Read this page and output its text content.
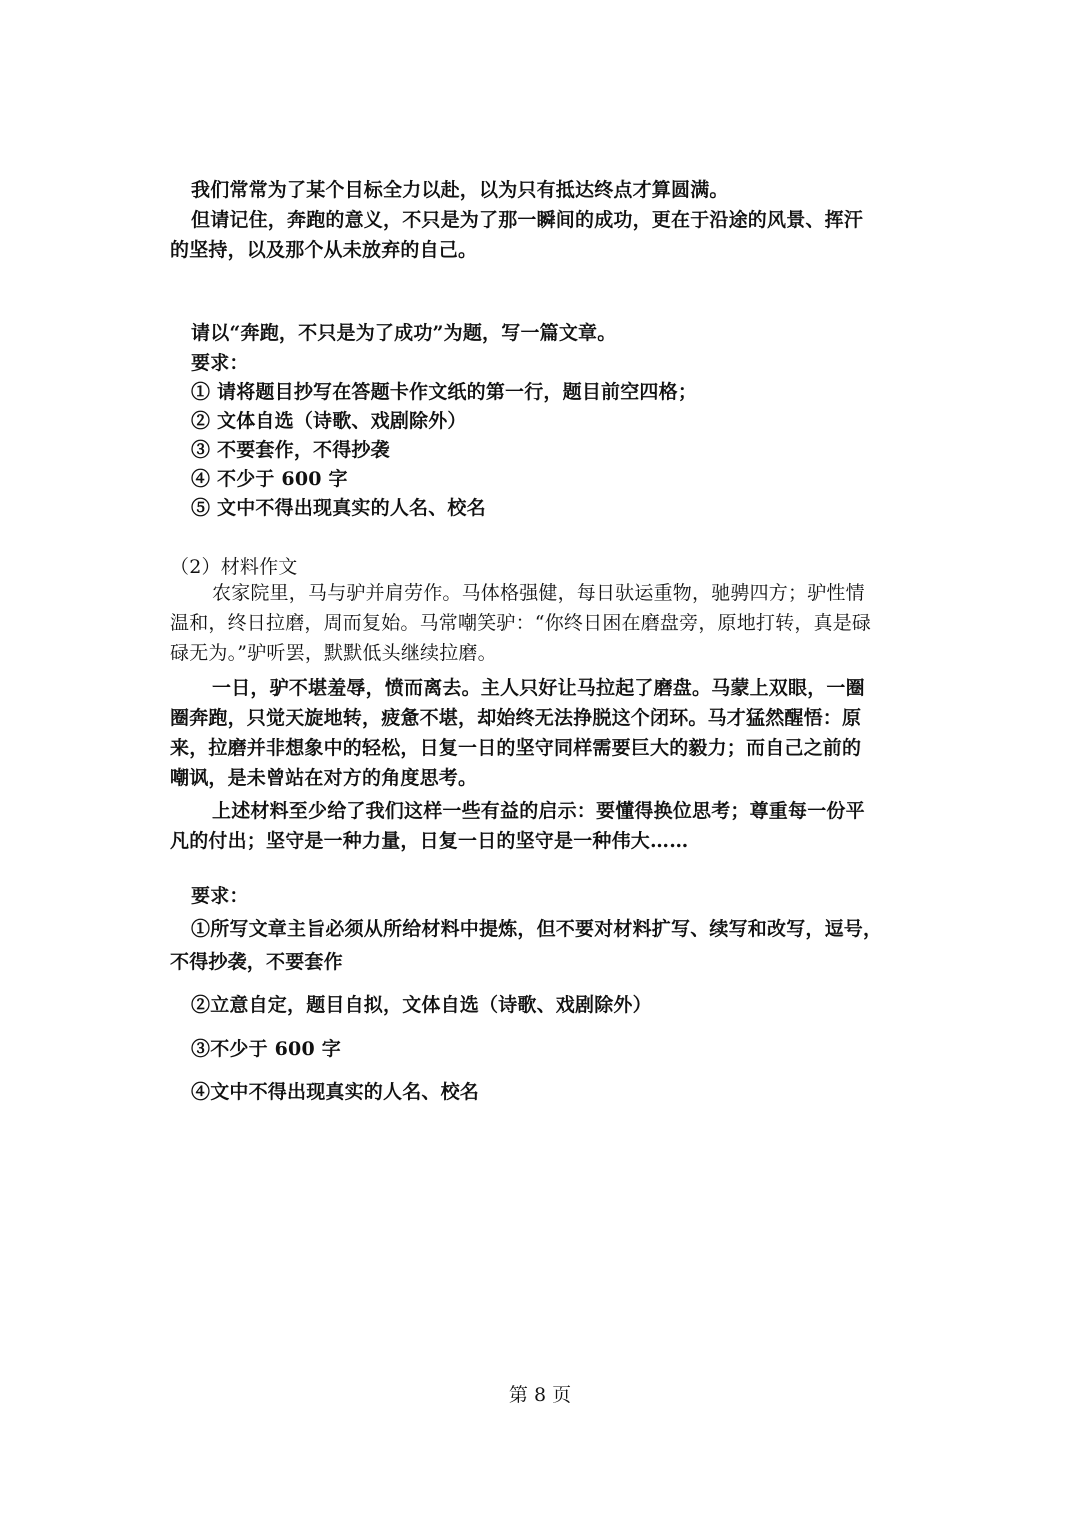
我们常常为了某个目标全力以赴，以为只有抵达终点才算圆满。
但请记住，奔跑的意义，不只是为了那一瞬间的成功，更在于沿途的风景、挥汗
的坚持，以及那个从未放弃的自己。
请以“奔跑，不只是为了成功”为题，写一篇文章。
要求：
① 请将题目抄写在答题卡作文纸的第一行，题目前空四格；
② 文体自选（诗歌、戏剧除外）
③ 不要套作，不得抄袭
④ 不少于 600 字
⑤ 文中不得出现真实的人名、校名
（2）材料作文
农家院里，马与驴并肩劳作。马体格强健，每日驮运重物，驰骋四方；驴性情
温和，终日拉磨，周而复始。马常嘲笑驴：“你终日困在磨盘旁，原地打转，真是碌
碌无为。”驴听罢，默默低头继续拉磨。
一日，驴不堪羞辱，愤而离去。主人只好让马拉起了磨盘。马蒙上双眼，一圈
圈奔跑，只觉天旋地转，疲惫不堪，却始终无法挣脱这个闭环。马才猛然醒悟：原
来，拉磨并非想象中的轻松，日复一日的坚守同样需要巨大的毅力；而自己之前的
嘲讽，是未曾站在对方的角度思考。
上述材料至少给了我们这样一些有益的启示：要懂得换位思考；尊重每一份平
凡的付出；坚守是一种力量，日复一日的坚守是一种伟大……
要求：
①所写文章主旨必须从所给材料中提炼，但不要对材料扩写、续写和改写，逗号，
不得抄袭，不要套作
②立意自定，题目自拟，文体自选（诗歌、戏剧除外）
③不少于 600 字
④文中不得出现真实的人名、校名
第 8 页
